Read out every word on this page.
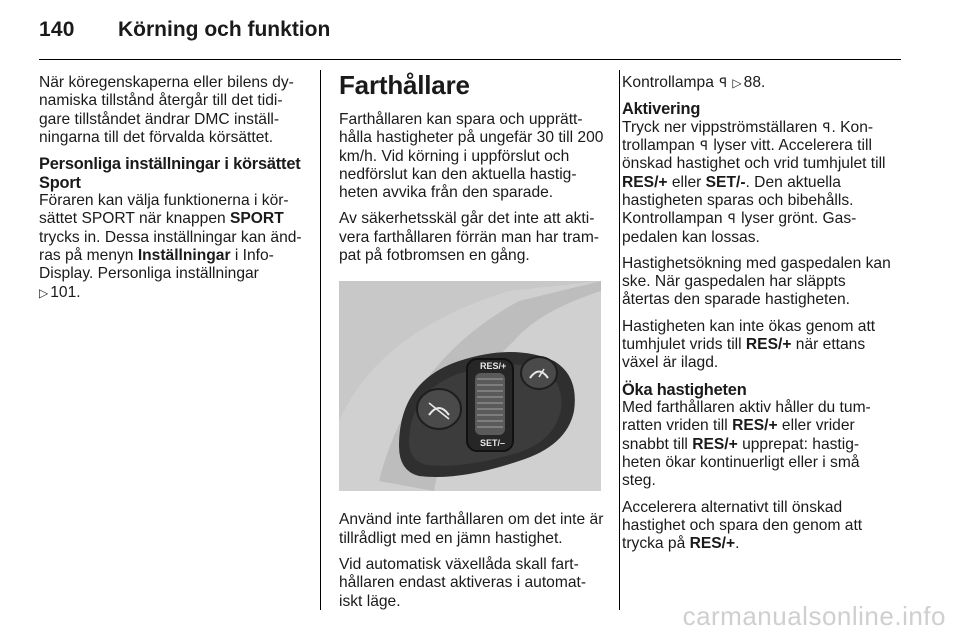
140 Körning och funktion

När köregenskaperna eller bilens dy-namiska tillstånd återgår till det tidi-gare tillståndet ändrar DMC inställ-ningarna till det förvalda körsättet.

Personliga inställningar i körsättet Sport

Föraren kan välja funktionerna i kör-sättet SPORT när knappen SPORT trycks in. Dessa inställningar kan änd-ras på menyn Inställningar i Info-Display. Personliga inställningar
▷ 101.

Farthållare

Farthållaren kan spara och upprätt-hålla hastigheter på ungefär 30 till 200 km/h. Vid körning i uppförslut och nedförslut kan den aktuella hastig-heten avvika från den sparade.

Av säkerhetsskäl går det inte att akti-vera farthållaren förrän man har tram-pat på fotbromsen en gång.

RES/+
SET/–

Använd inte farthållaren om det inte är tillrådligt med en jämn hastighet.

Vid automatisk växellåda skall fart-hållaren endast aktiveras i automat-iskt läge.

Kontrollampa ꟼ ▷ 88.

Aktivering

Tryck ner vippströmställaren ꟼ. Kon-trollampan ꟼ lyser vitt. Accelerera till önskad hastighet och vrid tumhjulet till RES/+ eller SET/-. Den aktuella hastigheten sparas och bibehålls. Kontrollampan ꟼ lyser grönt. Gas-pedalen kan lossas.

Hastighetsökning med gaspedalen kan ske. När gaspedalen har släppts återtas den sparade hastigheten.

Hastigheten kan inte ökas genom att tumhjulet vrids till RES/+ när ettans växel är ilagd.

Öka hastigheten

Med farthållaren aktiv håller du tum-ratten vriden till RES/+ eller vrider snabbt till RES/+ upprepat: hastig-heten ökar kontinuerligt eller i små steg.

Accelerera alternativt till önskad hastighet och spara den genom att trycka på RES/+.

carmanualsonline.info
